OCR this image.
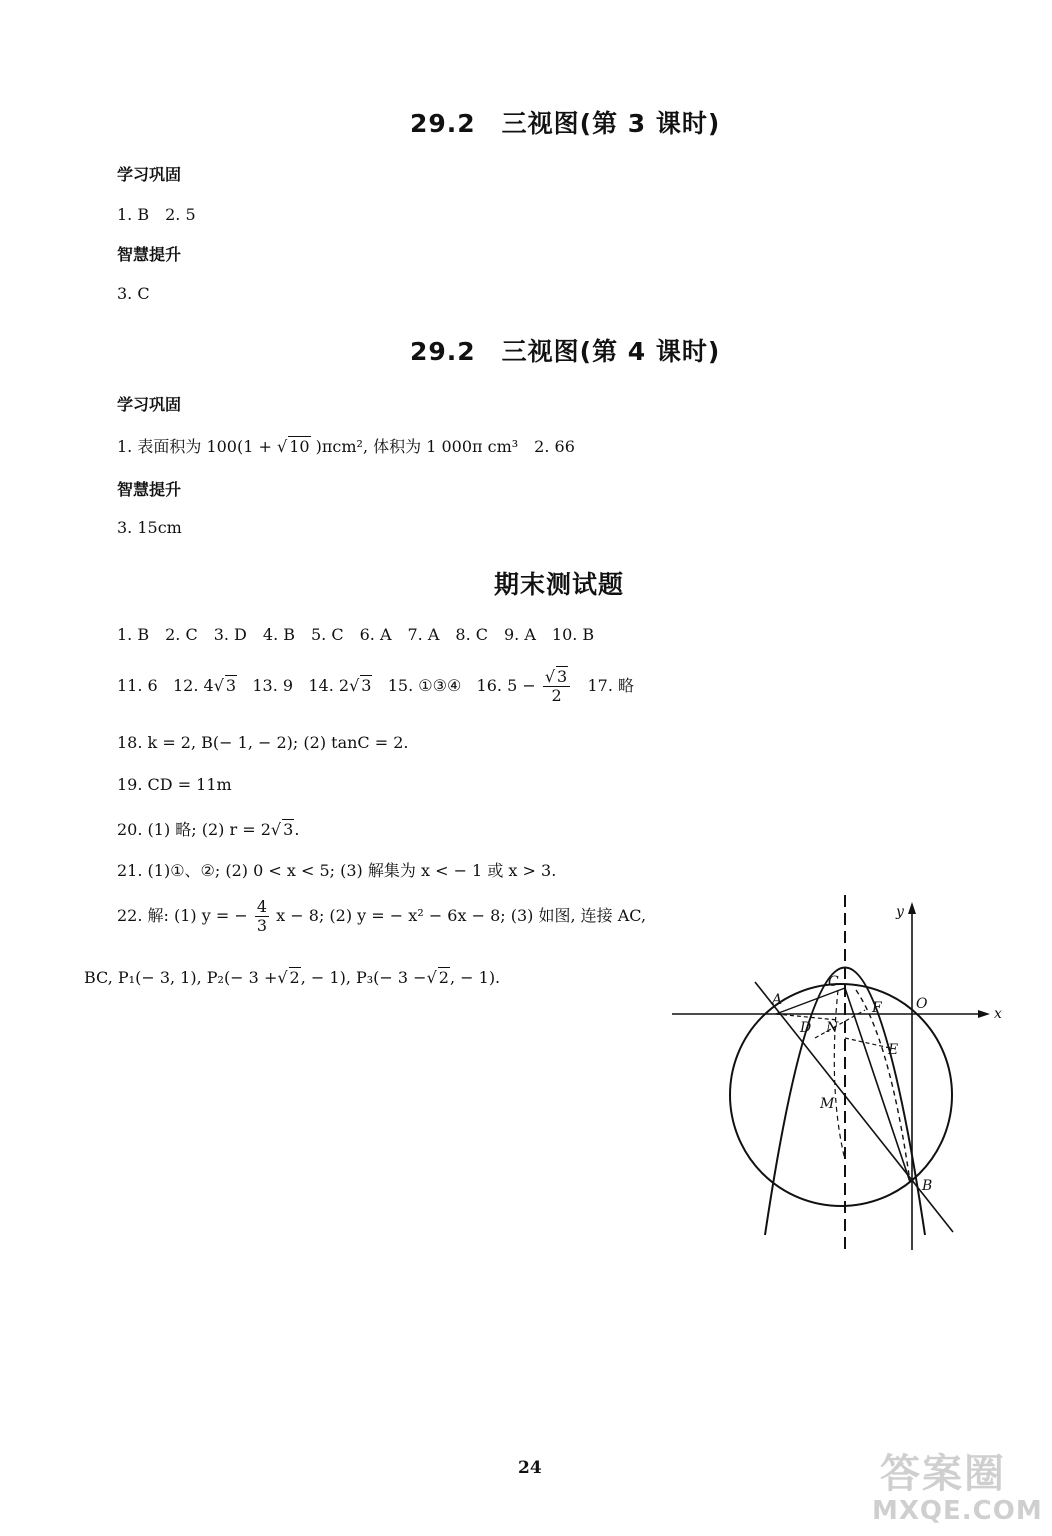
29.2　三视图(第 3 课时)
学习巩固
1. B　2. 5
智慧提升
3. C
29.2　三视图(第 4 课时)
学习巩固
1. 表面积为 100(1 + √ 10 )πcm², 体积为 1 000π cm³　2. 66
智慧提升
3. 15cm
期末测试题
1. B　2. C　3. D　4. B　5. C　6. A　7. A　8. C　9. A　10. B
11. 6 12. 4√ 3 13. 9 14. 2√ 3 15. ①③④ 16. $5 - \frac{√ 3}{2} 17$. 略
18. k = 2, B(− 1, − 2); (2) tanC = 2.
19. CD = 11m
20. (1) 略; (2) r = 2√ 3.
21. (1)①、②; (2) 0 < x < 5; (3) 解集为 x < − 1 或 x > 3.
22. 解: (1) y = − $\frac{4}{3}$ x − 8; (2) y = − x² − 6x − 8; (3) 如图, 连接 AC,
BC, P₁(− 3, 1), P₂(− 3 +√ 2, − 1), P₃(− 3 −√ 2, − 1).
y
x
O
C
A	F
D N
E
M
B
24	答案圈
MXQE.COM
